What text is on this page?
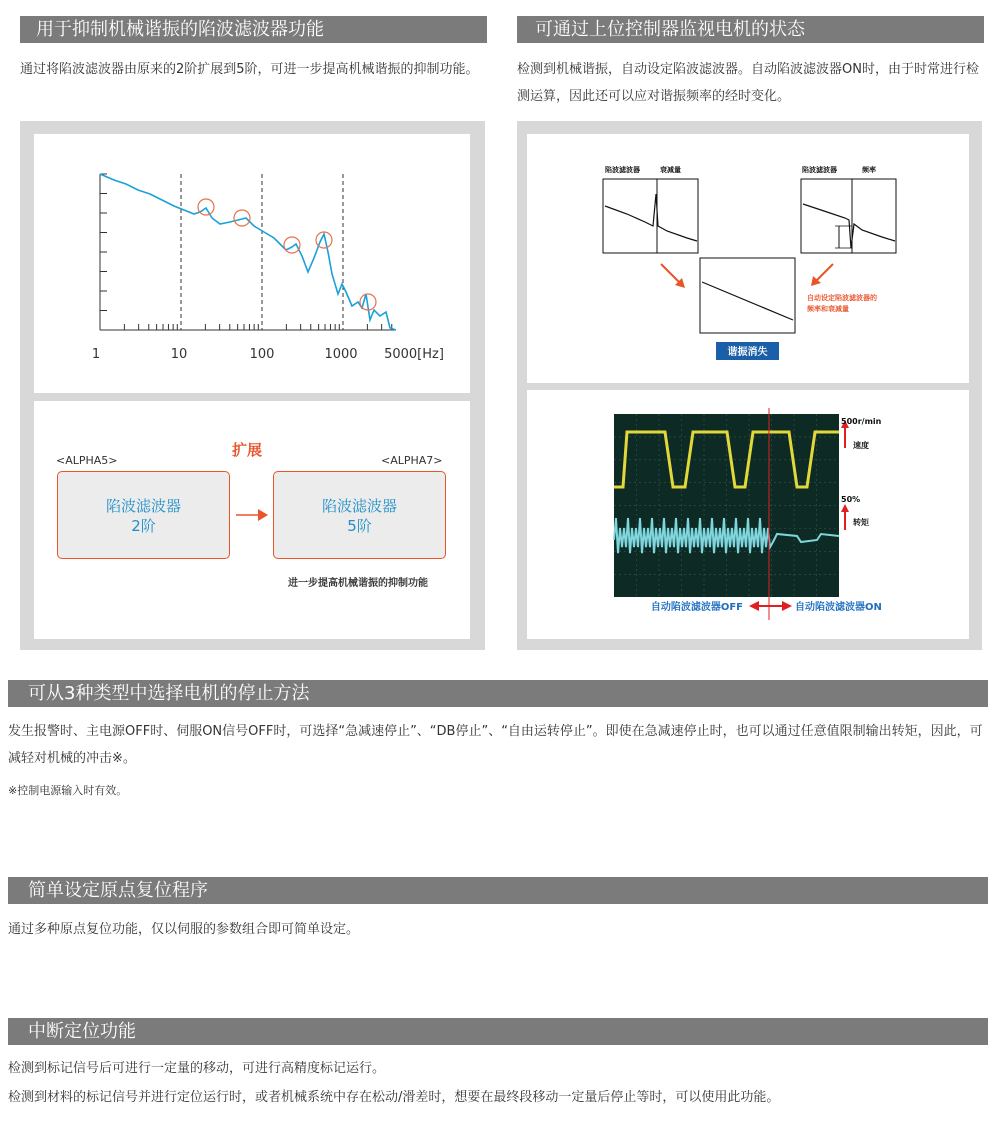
用于抑制机械谐振的陷波滤波器功能
通过将陷波滤波器由原来的2阶扩展到5阶，可进一步提高机械谐振的抑制功能。
可通过上位控制器监视电机的状态
检测到机械谐振，自动设定陷波滤波器。自动陷波滤波器ON时，由于时常进行检测运算，因此还可以应对谐振频率的经时变化。
1	10	100	1000 5000[Hz]
扩展
<ALPHA5>	<ALPHA7>
陷波滤波器
2阶
陷波滤波器
5阶
进一步提高机械谐振的抑制功能
陷波滤波器	衰减量	陷波滤波器	频率
自动设定陷波滤波器的
频率和衰减量
谐振消失
500r/min
速度
50%
转矩
自动陷波滤波器OFF	自动陷波滤波器ON
可从3种类型中选择电机的停止方法
发生报警时、主电源OFF时、伺服ON信号OFF时，可选择“急减速停止”、“DB停止”、“自由运转停止”。即使在急减速停止时，也可以通过任意值限制输出转矩，因此，可减轻对机械的冲击※。
※控制电源输入时有效。
简单设定原点复位程序
通过多种原点复位功能，仅以伺服的参数组合即可简单设定。
中断定位功能
检测到标记信号后可进行一定量的移动，可进行高精度标记运行。
检测到材料的标记信号并进行定位运行时，或者机械系统中存在松动/滑差时，想要在最终段移动一定量后停止等时，可以使用此功能。
